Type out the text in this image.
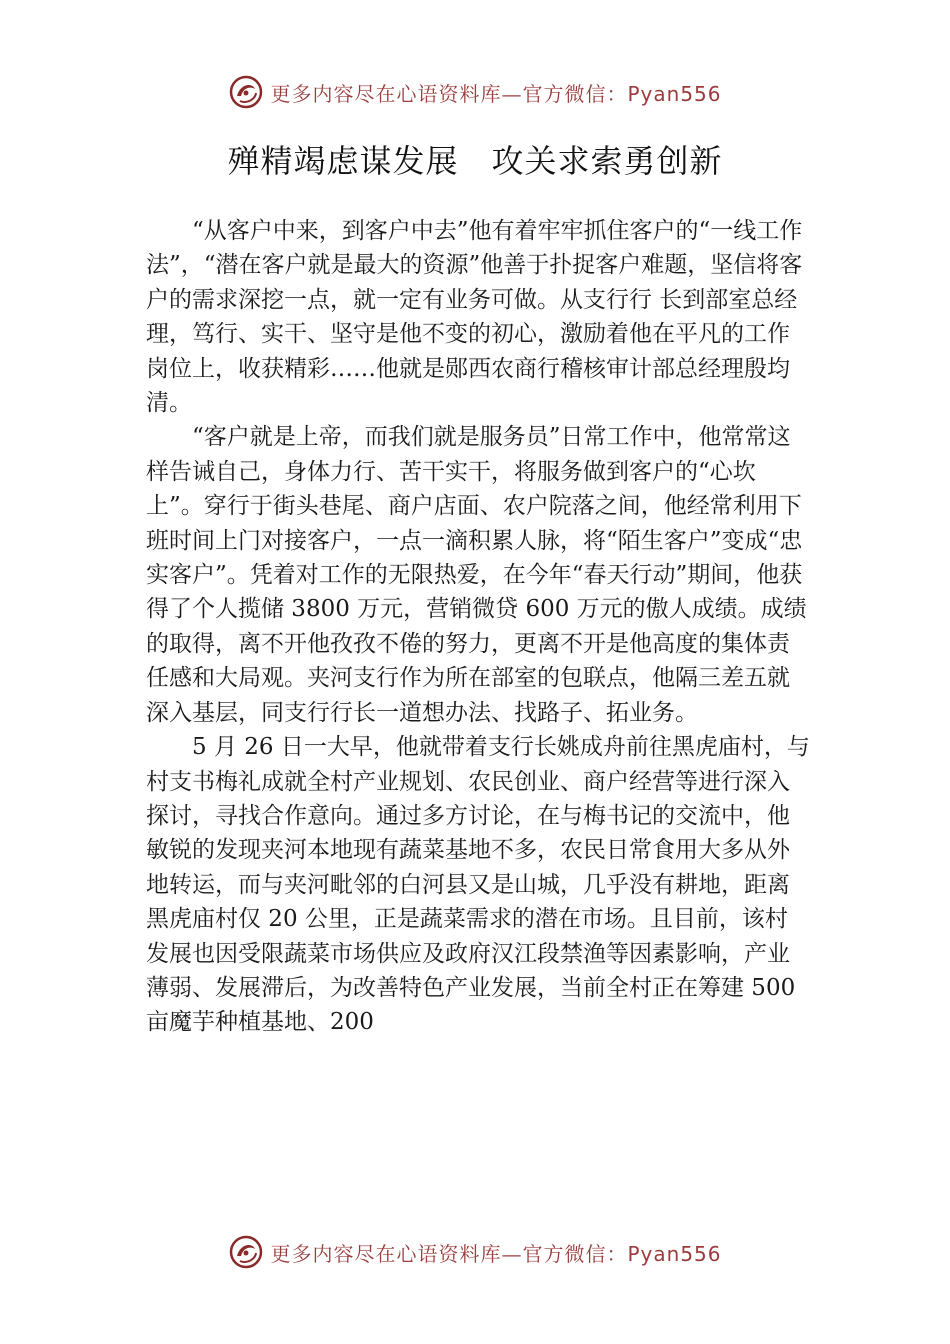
更多内容尽在心语资料库—官方微信：Pyan556
殚精竭虑谋发展　攻关求索勇创新

“从客户中来，到客户中去”他有着牢牢抓住客户的“一线工作法”，“潜在客户就是最大的资源”他善于扑捉客户难题，坚信将客户的需求深挖一点，就一定有业务可做。从支行行 长到部室总经理，笃行、实干、坚守是他不变的初心，激励着他在平凡的工作岗位上，收获精彩……他就是郧西农商行稽核审计部总经理殷均清。

“客户就是上帝，而我们就是服务员”日常工作中，他常常这样告诫自己，身体力行、苦干实干，将服务做到客户的“心坎上”。穿行于街头巷尾、商户店面、农户院落之间，他经常利用下班时间上门对接客户，一点一滴积累人脉，将“陌生客户”变成“忠实客户”。凭着对工作的无限热爱，在今年“春天行动”期间，他获得了个人揽储 3800 万元，营销微贷 600 万元的傲人成绩。成绩的取得，离不开他孜孜不倦的努力，更离不开是他高度的集体责任感和大局观。夹河支行作为所在部室的包联点，他隔三差五就深入基层，同支行行长一道想办法、找路子、拓业务。

5 月 26 日一大早，他就带着支行长姚成舟前往黑虎庙村，与村支书梅礼成就全村产业规划、农民创业、商户经营等进行深入探讨，寻找合作意向。通过多方讨论，在与梅书记的交流中，他敏锐的发现夹河本地现有蔬菜基地不多，农民日常食用大多从外地转运，而与夹河毗邻的白河县又是山城，几乎没有耕地，距离黑虎庙村仅 20 公里，正是蔬菜需求的潜在市场。且目前，该村发展也因受限蔬菜市场供应及政府汉江段禁渔等因素影响，产业薄弱、发展滞后，为改善特色产业发展，当前全村正在筹建 500 亩魔芋种植基地、200

更多内容尽在心语资料库—官方微信：Pyan556
